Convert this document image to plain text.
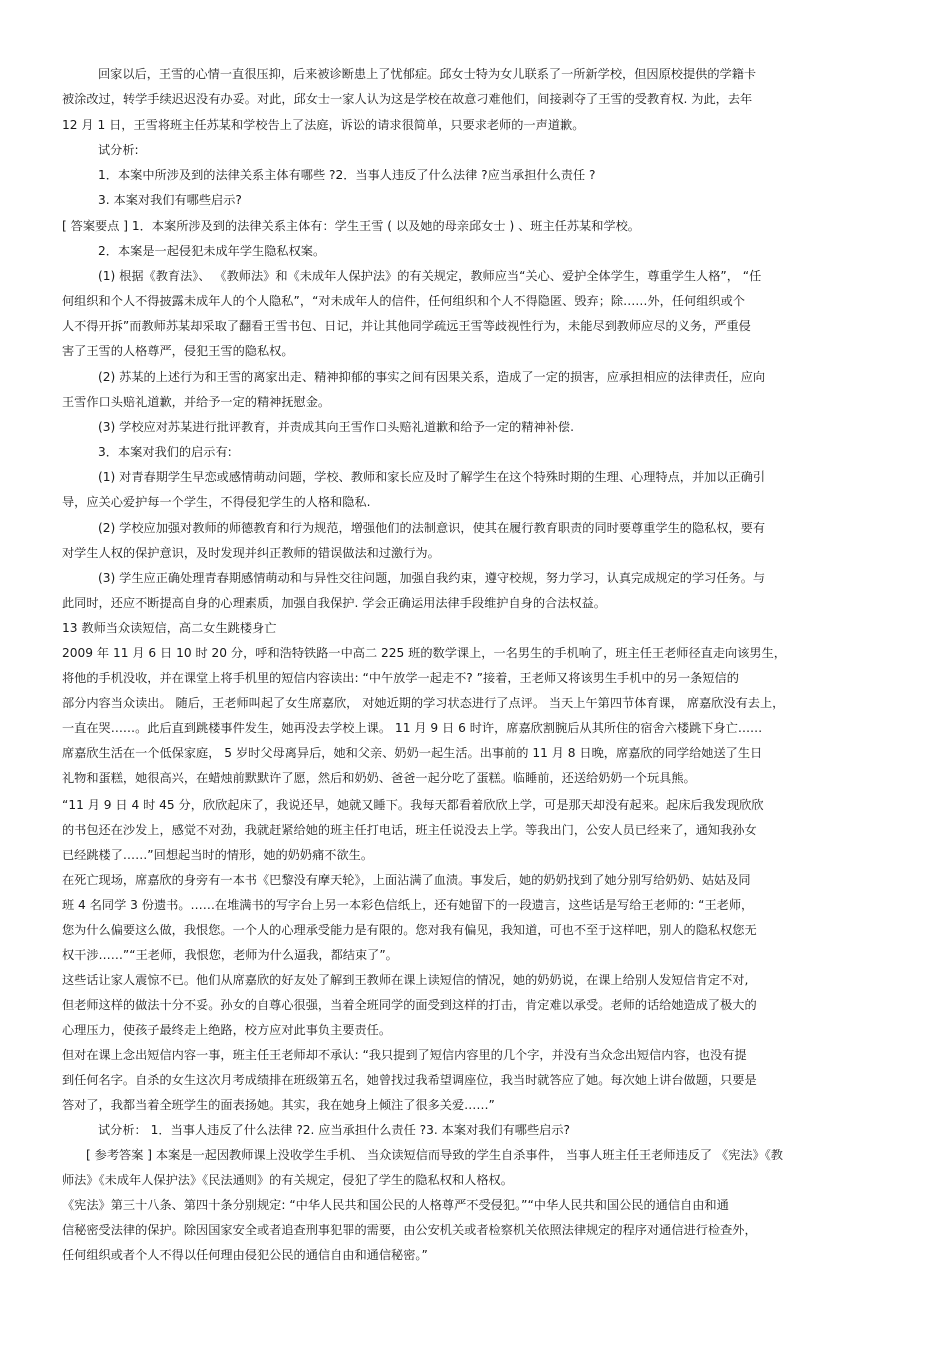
回家以后，王雪的心情一直很压抑，后来被诊断患上了忧郁症。邱女士特为女儿联系了一所新学校，但因原校提供的学籍卡
被涂改过，转学手续迟迟没有办妥。对此，邱女士一家人认为这是学校在故意刁难他们，间接剥夺了王雪的受教育权. 为此，去年
12 月 1 日，王雪将班主任苏某和学校告上了法庭，诉讼的请求很简单，只要求老师的一声道歉。
试分析:
1．本案中所涉及到的法律关系主体有哪些 ?2．当事人违反了什么法律 ?应当承担什么责任 ?
3. 本案对我们有哪些启示?
[ 答案要点 ] 1．本案所涉及到的法律关系主体有：学生王雪 ( 以及她的母亲邱女士 ) 、班主任苏某和学校。
2．本案是一起侵犯未成年学生隐私权案。
(1) 根据《教育法》、 《教师法》和《未成年人保护法》的有关规定，教师应当“关心、爱护全体学生，尊重学生人格”， “任
何组织和个人不得披露未成年人的个人隐私”，“对未成年人的信件，任何组织和个人不得隐匿、毁弃；除……外，任何组织或个
人不得开拆”而教师苏某却采取了翻看王雪书包、日记，并让其他同学疏远王雪等歧视性行为，未能尽到教师应尽的义务，严重侵
害了王雪的人格尊严，侵犯王雪的隐私权。
(2) 苏某的上述行为和王雪的离家出走、精神抑郁的事实之间有因果关系，造成了一定的损害，应承担相应的法律责任，应向
王雪作口头赔礼道歉，并给予一定的精神抚慰金。
(3) 学校应对苏某进行批评教育，并责成其向王雪作口头赔礼道歉和给予一定的精神补偿.
3．本案对我们的启示有:
(1) 对青春期学生早恋或感情萌动问题，学校、教师和家长应及时了解学生在这个特殊时期的生理、心理特点，并加以正确引
导，应关心爱护每一个学生，不得侵犯学生的人格和隐私.
(2) 学校应加强对教师的师德教育和行为规范，增强他们的法制意识，使其在履行教育职责的同时要尊重学生的隐私权，要有
对学生人权的保护意识，及时发现并纠正教师的错误做法和过激行为。
(3) 学生应正确处理青春期感情萌动和与异性交往问题，加强自我约束，遵守校规，努力学习，认真完成规定的学习任务。与
此同时，还应不断提高自身的心理素质，加强自我保护. 学会正确运用法律手段维护自身的合法权益。
13 教师当众读短信，高二女生跳楼身亡
2009 年 11 月 6 日 10 时 20 分，呼和浩特铁路一中高二 225 班的数学课上，一名男生的手机响了，班主任王老师径直走向该男生，
将他的手机没收，并在课堂上将手机里的短信内容读出: “中午放学一起走不? ”接着，王老师又将该男生手机中的另一条短信的
部分内容当众读出。 随后，王老师叫起了女生席嘉欣， 对她近期的学习状态进行了点评。 当天上午第四节体育课， 席嘉欣没有去上，
一直在哭……。此后直到跳楼事件发生，她再没去学校上课。 11 月 9 日 6 时许，席嘉欣割腕后从其所住的宿舍六楼跳下身亡……
席嘉欣生活在一个低保家庭， 5 岁时父母离异后，她和父亲、奶奶一起生活。出事前的 11 月 8 日晚，席嘉欣的同学给她送了生日
礼物和蛋糕，她很高兴，在蜡烛前默默许了愿，然后和奶奶、爸爸一起分吃了蛋糕。临睡前，还送给奶奶一个玩具熊。
“11 月 9 日 4 时 45 分，欣欣起床了，我说还早，她就又睡下。我每天都看着欣欣上学，可是那天却没有起来。起床后我发现欣欣
的书包还在沙发上，感觉不对劲，我就赶紧给她的班主任打电话，班主任说没去上学。等我出门，公安人员已经来了，通知我孙女
已经跳楼了……”回想起当时的情形，她的奶奶痛不欲生。
在死亡现场，席嘉欣的身旁有一本书《巴黎没有摩天轮》，上面沾满了血渍。事发后，她的奶奶找到了她分别写给奶奶、姑姑及同
班 4 名同学 3 份遗书。……在堆满书的写字台上另一本彩色信纸上，还有她留下的一段遗言，这些话是写给王老师的: “王老师，
您为什么偏要这么做，我恨您。一个人的心理承受能力是有限的。您对我有偏见，我知道，可也不至于这样吧，别人的隐私权您无
权干涉……”“王老师，我恨您，老师为什么逼我，都结束了”。
这些话让家人震惊不已。他们从席嘉欣的好友处了解到王教师在课上读短信的情况，她的奶奶说，在课上给别人发短信肯定不对,
但老师这样的做法十分不妥。孙女的自尊心很强，当着全班同学的面受到这样的打击，肯定难以承受。老师的话给她造成了极大的
心理压力，使孩子最终走上绝路，校方应对此事负主要责任。
但对在课上念出短信内容一事，班主任王老师却不承认: “我只提到了短信内容里的几个字，并没有当众念出短信内容，也没有提
到任何名字。自杀的女生这次月考成绩排在班级第五名，她曾找过我希望调座位，我当时就答应了她。每次她上讲台做题，只要是
答对了，我都当着全班学生的面表扬她。其实，我在她身上倾注了很多关爱……”
试分析： 1．当事人违反了什么法律 ?2. 应当承担什么责任 ?3. 本案对我们有哪些启示?
[ 参考答案 ] 本案是一起因教师课上没收学生手机、 当众读短信而导致的学生自杀事件， 当事人班主任王老师违反了 《宪法》《教
师法》《未成年人保护法》《民法通则》的有关规定，侵犯了学生的隐私权和人格权。
《宪法》第三十八条、第四十条分别规定: “中华人民共和国公民的人格尊严不受侵犯。”“中华人民共和国公民的通信自由和通
信秘密受法律的保护。除因国家安全或者追查刑事犯罪的需要，由公安机关或者检察机关依照法律规定的程序对通信进行检查外，
任何组织或者个人不得以任何理由侵犯公民的通信自由和通信秘密。”
